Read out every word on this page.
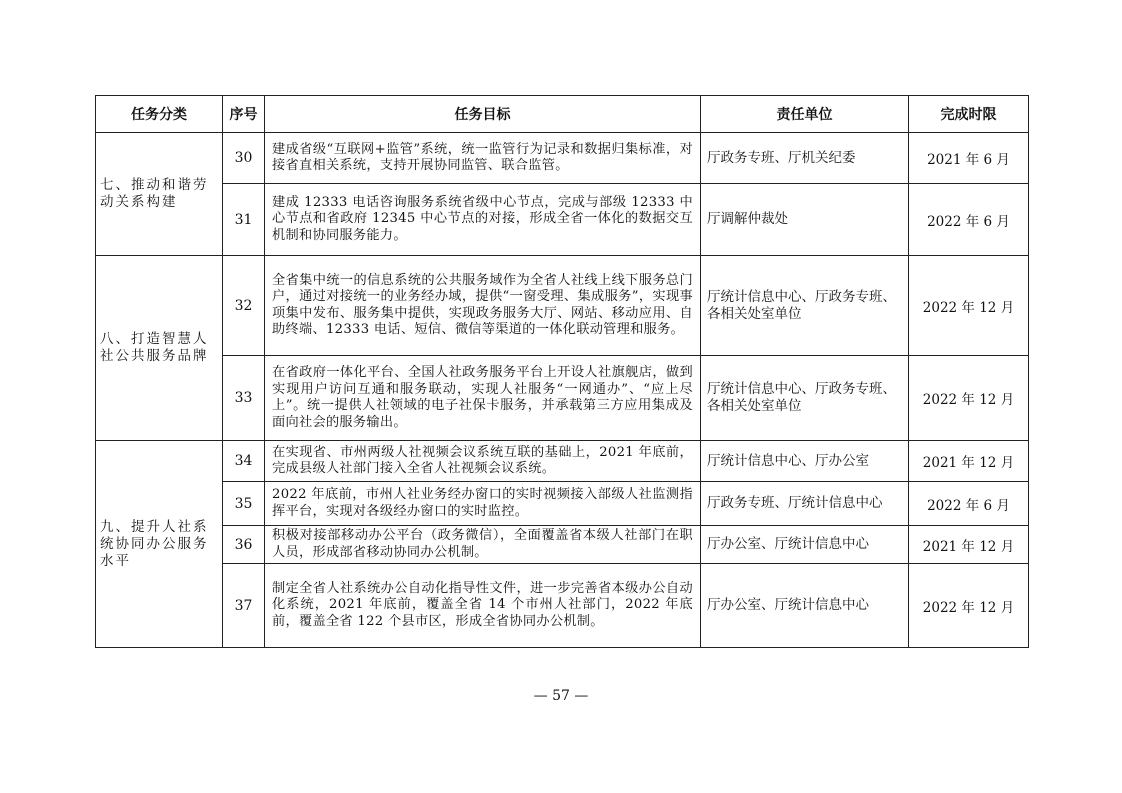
任务分类	序号	任务目标	责任单位	完成时限
七、推动和谐劳动关系构建	30	建成省级“互联网+监管”系统，统一监管行为记录和数据归集标准，对接省直相关系统，支持开展协同监管、联合监管。	厅政务专班、厅机关纪委	2021 年 6 月
	31	建成 12333 电话咨询服务系统省级中心节点，完成与部级 12333 中心节点和省政府 12345 中心节点的对接，形成全省一体化的数据交互机制和协同服务能力。	厅调解仲裁处	2022 年 6 月
八、打造智慧人社公共服务品牌	32	全省集中统一的信息系统的公共服务域作为全省人社线上线下服务总门户，通过对接统一的业务经办域，提供“一窗受理、集成服务”，实现事项集中发布、服务集中提供，实现政务服务大厅、网站、移动应用、自助终端、12333 电话、短信、微信等渠道的一体化联动管理和服务。	厅统计信息中心、厅政务专班、各相关处室单位	2022 年 12 月
	33	在省政府一体化平台、全国人社政务服务平台上开设人社旗舰店，做到实现用户访问互通和服务联动，实现人社服务“一网通办”、“应上尽上”。统一提供人社领域的电子社保卡服务，并承载第三方应用集成及面向社会的服务输出。	厅统计信息中心、厅政务专班、各相关处室单位	2022 年 12 月
九、提升人社系统协同办公服务水平	34	在实现省、市州两级人社视频会议系统互联的基础上，2021 年底前，完成县级人社部门接入全省人社视频会议系统。	厅统计信息中心、厅办公室	2021 年 12 月
	35	2022 年底前，市州人社业务经办窗口的实时视频接入部级人社监测指挥平台，实现对各级经办窗口的实时监控。	厅政务专班、厅统计信息中心	2022 年 6 月
	36	积极对接部移动办公平台（政务微信），全面覆盖省本级人社部门在职人员，形成部省移动协同办公机制。	厅办公室、厅统计信息中心	2021 年 12 月
	37	制定全省人社系统办公自动化指导性文件，进一步完善省本级办公自动化系统，2021 年底前，覆盖全省 14 个市州人社部门，2022 年底前，覆盖全省 122 个县市区，形成全省协同办公机制。	厅办公室、厅统计信息中心	2022 年 12 月
— 57 —
